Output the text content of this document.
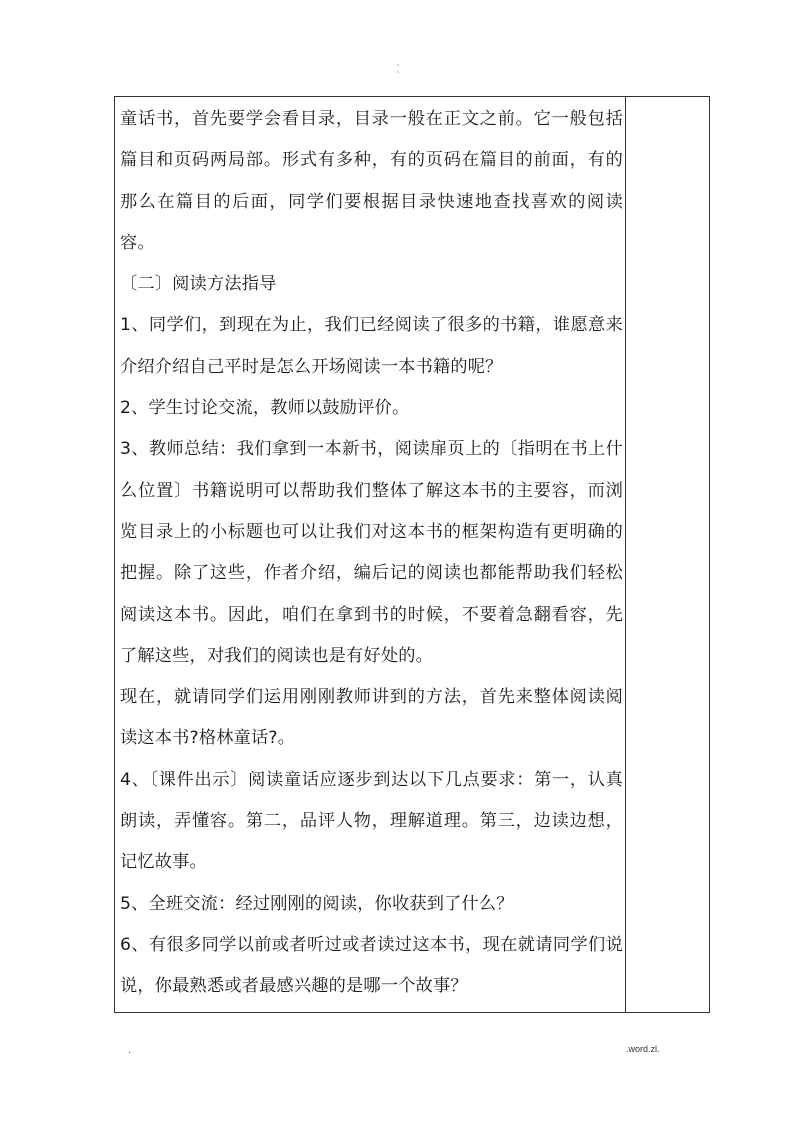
·
·

童话书，首先要学会看目录，目录一般在正文之前。它一般包括篇目和页码两局部。形式有多种，有的页码在篇目的前面，有的那么在篇目的后面，同学们要根据目录快速地查找喜欢的阅读容。

〔二〕阅读方法指导

1、同学们，到现在为止，我们已经阅读了很多的书籍，谁愿意来介绍介绍自己平时是怎么开场阅读一本书籍的呢？

2、学生讨论交流，教师以鼓励评价。

3、教师总结：我们拿到一本新书，阅读扉页上的〔指明在书上什么位置〕书籍说明可以帮助我们整体了解这本书的主要容，而浏览目录上的小标题也可以让我们对这本书的框架构造有更明确的把握。除了这些，作者介绍，编后记的阅读也都能帮助我们轻松阅读这本书。因此，咱们在拿到书的时候，不要着急翻看容，先了解这些，对我们的阅读也是有好处的。

现在，就请同学们运用刚刚教师讲到的方法，首先来整体阅读阅读这本书?格林童话?。

4、〔课件出示〕阅读童话应逐步到达以下几点要求：第一，认真朗读，弄懂容。第二，品评人物，理解道理。第三，边读边想，记忆故事。

5、全班交流：经过刚刚的阅读，你收获到了什么？

6、有很多同学以前或者听过或者读过这本书，现在就请同学们说说，你最熟悉或者最感兴趣的是哪一个故事？

.	.word.zl.
